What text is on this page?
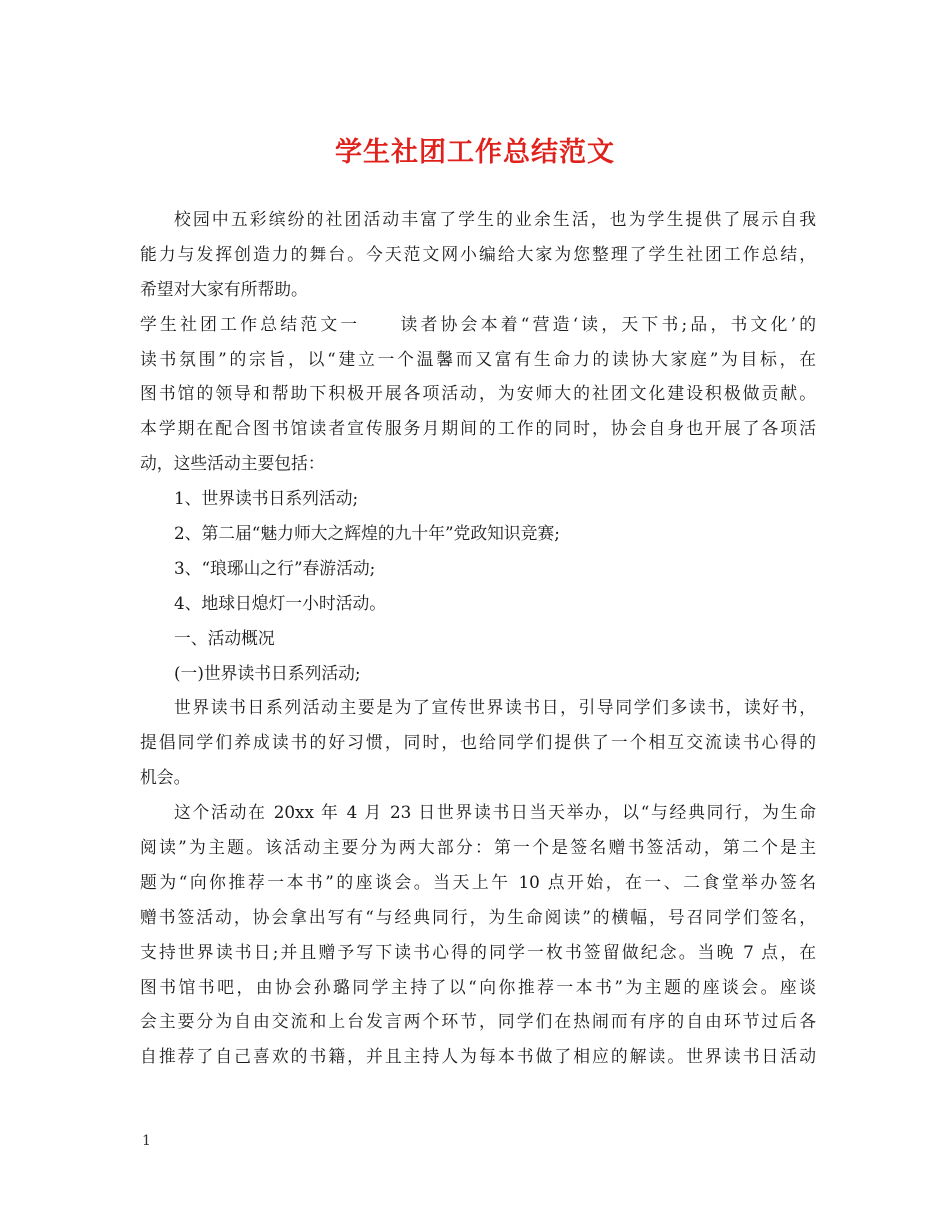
学生社团工作总结范文

校园中五彩缤纷的社团活动丰富了学生的业余生活，也为学生提供了展示自我

能力与发挥创造力的舞台。今天范文网小编给大家为您整理了学生社团工作总结，

希望对大家有所帮助。

学生社团工作总结范文一　　读者协会本着“营造‘读，天下书;品，书文化’的

读书氛围”的宗旨，以“建立一个温馨而又富有生命力的读协大家庭”为目标，在

图书馆的领导和帮助下积极开展各项活动，为安师大的社团文化建设积极做贡献。

本学期在配合图书馆读者宣传服务月期间的工作的同时，协会自身也开展了各项活

动，这些活动主要包括：

1、世界读书日系列活动;

2、第二届“魅力师大之辉煌的九十年”党政知识竞赛;

3、“琅琊山之行”春游活动;

4、地球日熄灯一小时活动。

一、活动概况

(一)世界读书日系列活动;

世界读书日系列活动主要是为了宣传世界读书日，引导同学们多读书，读好书，

提倡同学们养成读书的好习惯，同时，也给同学们提供了一个相互交流读书心得的

机会。

这个活动在 20xx 年 4 月 23 日世界读书日当天举办，以“与经典同行，为生命

阅读”为主题。该活动主要分为两大部分：第一个是签名赠书签活动，第二个是主

题为“向你推荐一本书”的座谈会。当天上午 10 点开始，在一、二食堂举办签名

赠书签活动，协会拿出写有“与经典同行，为生命阅读”的横幅，号召同学们签名，

支持世界读书日;并且赠予写下读书心得的同学一枚书签留做纪念。当晚 7 点，在

图书馆书吧，由协会孙璐同学主持了以“向你推荐一本书”为主题的座谈会。座谈

会主要分为自由交流和上台发言两个环节，同学们在热闹而有序的自由环节过后各

自推荐了自己喜欢的书籍，并且主持人为每本书做了相应的解读。世界读书日活动

1
